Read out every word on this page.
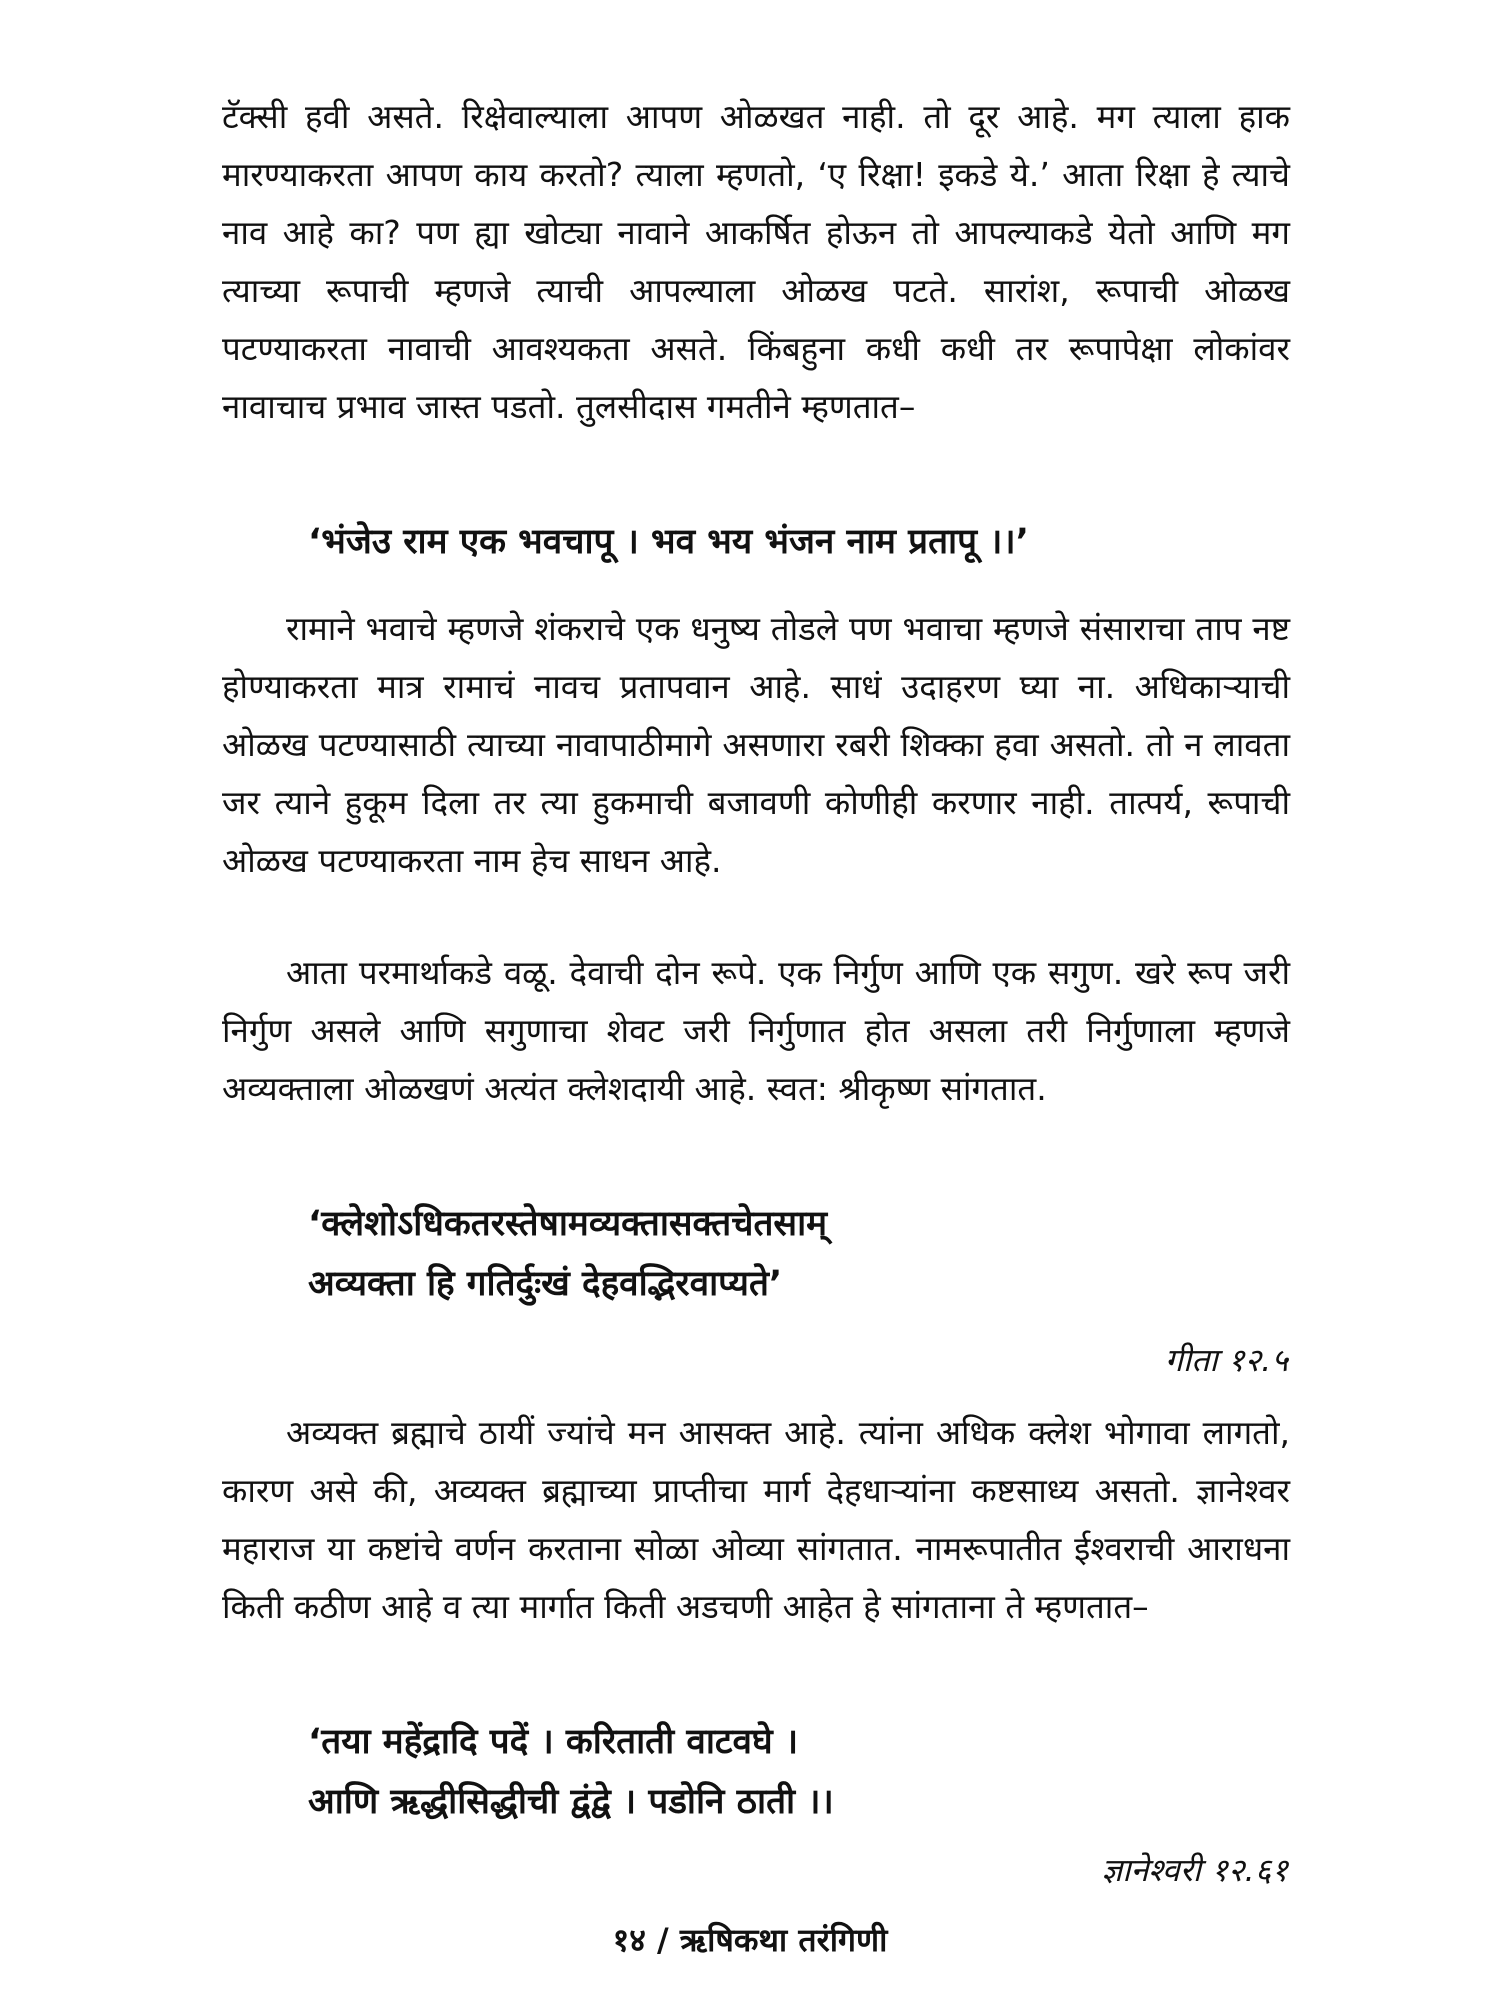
टॅक्सी हवी असते. रिक्षेवाल्याला आपण ओळखत नाही. तो दूर आहे. मग त्याला हाक मारण्याकरता आपण काय करतो? त्याला म्हणतो, ‘ए रिक्षा! इकडे ये.’ आता रिक्षा हे त्याचे नाव आहे का? पण ह्या खोट्या नावाने आकर्षित होऊन तो आपल्याकडे येतो आणि मग त्याच्या रूपाची म्हणजे त्याची आपल्याला ओळख पटते. सारांश, रूपाची ओळख पटण्याकरता नावाची आवश्यकता असते. किंबहुना कधी कधी तर रूपापेक्षा लोकांवर नावाचाच प्रभाव जास्त पडतो. तुलसीदास गमतीने म्हणतात–

‘भंजेउ राम एक भवचापू । भव भय भंजन नाम प्रतापू ।।’

रामाने भवाचे म्हणजे शंकराचे एक धनुष्य तोडले पण भवाचा म्हणजे संसाराचा ताप नष्ट होण्याकरता मात्र रामाचं नावच प्रतापवान आहे. साधं उदाहरण घ्या ना. अधिकाऱ्याची ओळख पटण्यासाठी त्याच्या नावापाठीमागे असणारा रबरी शिक्का हवा असतो. तो न लावता जर त्याने हुकूम दिला तर त्या हुकमाची बजावणी कोणीही करणार नाही. तात्पर्य, रूपाची ओळख पटण्याकरता नाम हेच साधन आहे.

आता परमार्थाकडे वळू. देवाची दोन रूपे. एक निर्गुण आणि एक सगुण. खरे रूप जरी निर्गुण असले आणि सगुणाचा शेवट जरी निर्गुणात होत असला तरी निर्गुणाला म्हणजे अव्यक्ताला ओळखणं अत्यंत क्लेशदायी आहे. स्वत: श्रीकृष्ण सांगतात.

‘क्लेशोऽधिकतरस्तेषामव्यक्तासक्तचेतसाम्
अव्यक्ता हि गतिर्दुःखं देहवद्भिरवाप्यते’

गीता १२.५

अव्यक्त ब्रह्माचे ठायीं ज्यांचे मन आसक्त आहे. त्यांना अधिक क्लेश भोगावा लागतो, कारण असे की, अव्यक्त ब्रह्माच्या प्राप्तीचा मार्ग देहधाऱ्यांना कष्टसाध्य असतो. ज्ञानेश्वर महाराज या कष्टांचे वर्णन करताना सोळा ओव्या सांगतात. नामरूपातीत ईश्वराची आराधना किती कठीण आहे व त्या मार्गात किती अडचणी आहेत हे सांगताना ते म्हणतात–

‘तया महेंद्रादि पदें । करिताती वाटवघे ।
आणि ऋद्धीसिद्धीची द्वंद्वे । पडोनि ठाती ।।

ज्ञानेश्वरी १२.६१

१४ / ऋषिकथा तरंगिणी
